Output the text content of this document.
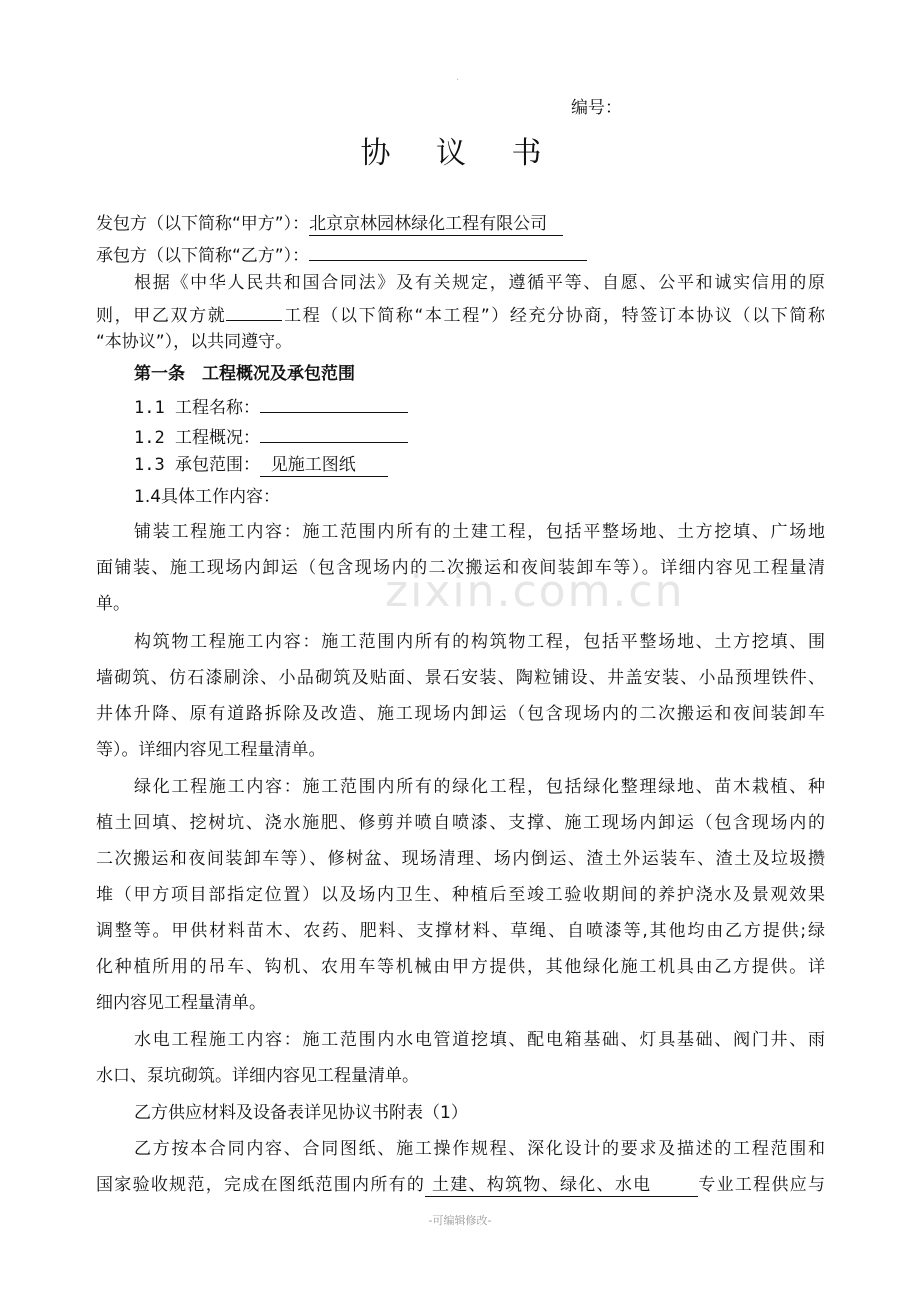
.
编号：
协 议 书
发包方（以下简称“甲方”）：北京京林园林绿化工程有限公司
承包方（以下简称“乙方”）：
根据《中华人民共和国合同法》及有关规定，遵循平等、自愿、公平和诚实信用的原
则，甲乙双方就	工程（以下简称“本工程”）经充分协商，特签订本协议（以下简称
“本协议”），以共同遵守。
第一条　工程概况及承包范围
1.1 工程名称：
1.2 工程概况：
1.3 承包范围： 见施工图纸
1.4具体工作内容：
铺装工程施工内容：施工范围内所有的土建工程，包括平整场地、土方挖填、广场地
面铺装、施工现场内卸运（包含现场内的二次搬运和夜间装卸车等）。详细内容见工程量清
单。
构筑物工程施工内容：施工范围内所有的构筑物工程，包括平整场地、土方挖填、围
墙砌筑、仿石漆刷涂、小品砌筑及贴面、景石安装、陶粒铺设、井盖安装、小品预埋铁件、
井体升降、原有道路拆除及改造、施工现场内卸运（包含现场内的二次搬运和夜间装卸车
等）。详细内容见工程量清单。
绿化工程施工内容：施工范围内所有的绿化工程，包括绿化整理绿地、苗木栽植、种
植土回填、挖树坑、浇水施肥、修剪并喷自喷漆、支撑、施工现场内卸运（包含现场内的
二次搬运和夜间装卸车等）、修树盆、现场清理、场内倒运、渣土外运装车、渣土及垃圾攒
堆（甲方项目部指定位置）以及场内卫生、种植后至竣工验收期间的养护浇水及景观效果
调整等。甲供材料苗木、农药、肥料、支撑材料、草绳、自喷漆等,其他均由乙方提供;绿
化种植所用的吊车、钩机、农用车等机械由甲方提供，其他绿化施工机具由乙方提供。详
细内容见工程量清单。
水电工程施工内容：施工范围内水电管道挖填、配电箱基础、灯具基础、阀门井、雨
水口、泵坑砌筑。详细内容见工程量清单。
乙方供应材料及设备表详见协议书附表（1）
乙方按本合同内容、合同图纸、施工操作规程、深化设计的要求及描述的工程范围和
国家验收规范，完成在图纸范围内所有的 土建、构筑物、绿化、水电	专业工程供应与
zixin.com.cn
-可编辑修改-
